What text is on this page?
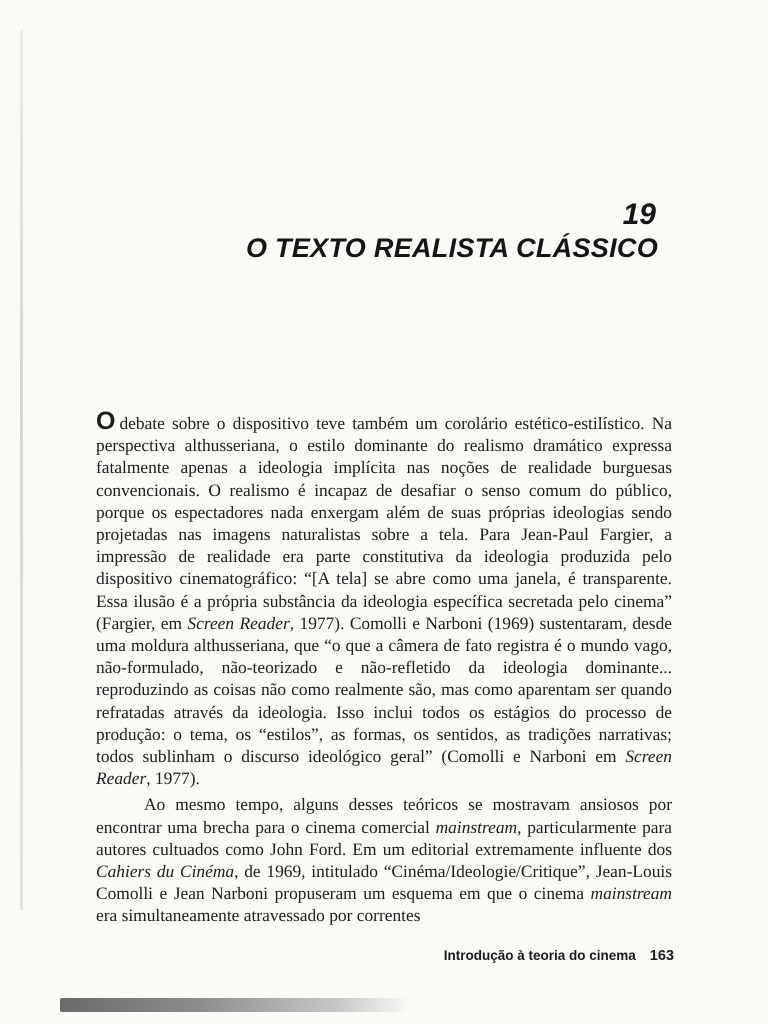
19
O TEXTO REALISTA CLÁSSICO

O debate sobre o dispositivo teve também um corolário estético-estilístico. Na perspectiva althusseriana, o estilo dominante do realismo dramático expressa fatalmente apenas a ideologia implícita nas noções de realidade burguesas convencionais. O realismo é incapaz de desafiar o senso comum do público, porque os espectadores nada enxergam além de suas próprias ideologias sendo projetadas nas imagens naturalistas sobre a tela. Para Jean-Paul Fargier, a impressão de realidade era parte constitutiva da ideologia produzida pelo dispositivo cinematográfico: “[A tela] se abre como uma janela, é transparente. Essa ilusão é a própria substância da ideologia específica secretada pelo cinema” (Fargier, em Screen Reader, 1977). Comolli e Narboni (1969) sustentaram, desde uma moldura althusseriana, que “o que a câmera de fato registra é o mundo vago, não-formulado, não-teorizado e não-refletido da ideologia dominante... reproduzindo as coisas não como realmente são, mas como aparentam ser quando refratadas através da ideologia. Isso inclui todos os estágios do processo de produção: o tema, os “estilos”, as formas, os sentidos, as tradições narrativas; todos sublinham o discurso ideológico geral” (Comolli e Narboni em Screen Reader, 1977).

Ao mesmo tempo, alguns desses teóricos se mostravam ansiosos por encontrar uma brecha para o cinema comercial mainstream, particularmente para autores cultuados como John Ford. Em um editorial extremamente influente dos Cahiers du Cinéma, de 1969, intitulado “Cinéma/Ideologie/Critique”, Jean-Louis Comolli e Jean Narboni propuseram um esquema em que o cinema mainstream era simultaneamente atravessado por correntes

Introdução à teoria do cinema 163
